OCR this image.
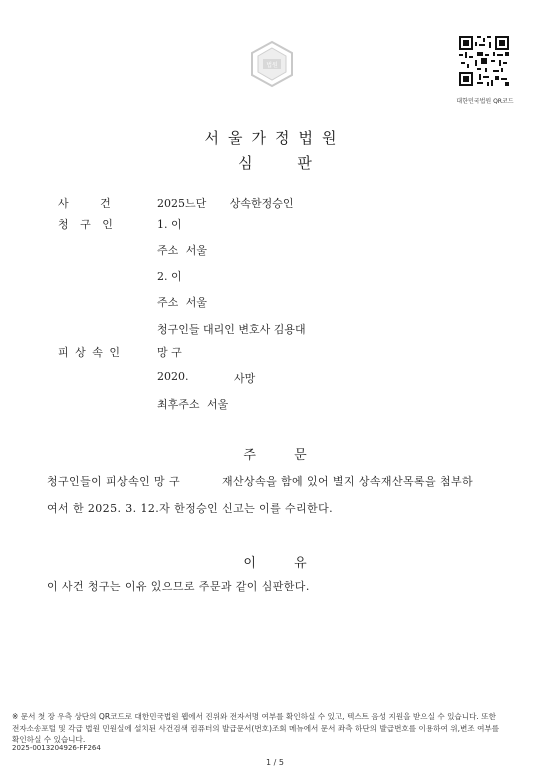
법원
대한민국법원 QR코드
서울가정법원
심 판
사 건	2025느단 상속한정승인
청 구 인	1. 이
주소 서울
2. 이
주소 서울
청구인들 대리인 변호사 김용대
피 상 속 인	망 구
2020.	사망
최후주소 서울
주 문
청구인들이 피상속인 망 구	재산상속을 함에 있어 별지 상속재산목록을 첨부하
여서 한 2025. 3. 12.자 한정승인 신고는 이를 수리한다.
이 유
이 사건 청구는 이유 있으므로 주문과 같이 심판한다.
※ 문서 첫 장 우측 상단의 QR코드로 대한민국법원 웹에서 진위와 전자서명 여부를 확인하실 수 있고, 텍스트 음성 지원을 받으실 수 있습니다. 또한 전자소송포털 및 각급 법원 민원실에 설치된 사건검색 컴퓨터의 발급문서(번호)조회 메뉴에서 문서 좌측 하단의 발급번호를 이용하여 위,변조 여부를 확인하실 수 있습니다.
2025-0013204926-FF264
1 / 5
